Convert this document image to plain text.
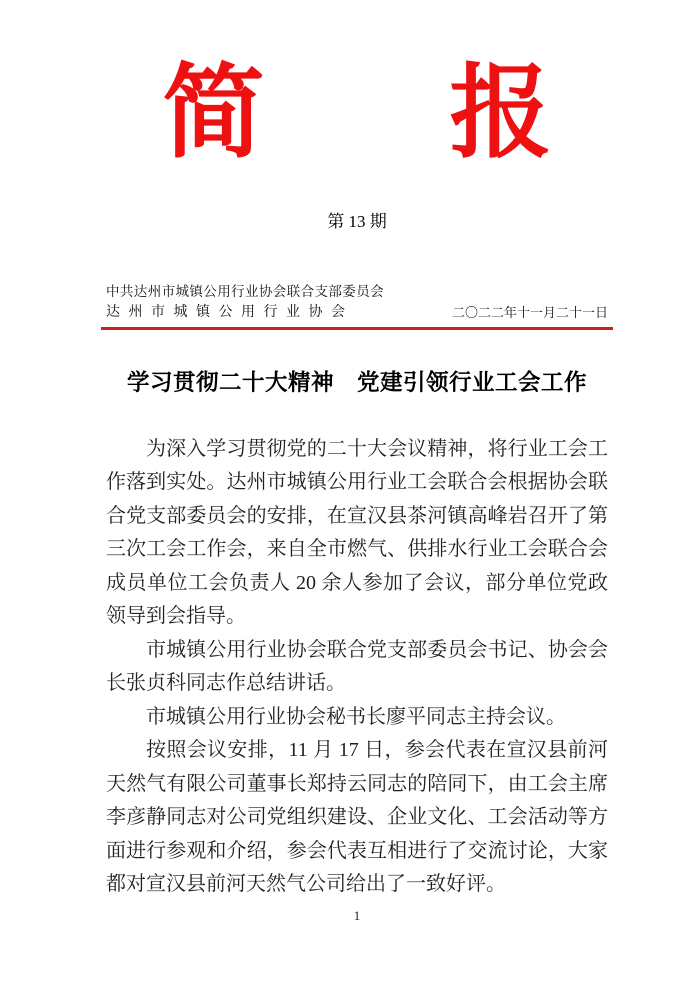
简 报
第 13 期
中共达州市城镇公用行业协会联合支部委员会
达州市城镇公用行业协会	二〇二二年十一月二十一日
学习贯彻二十大精神　党建引领行业工会工作

为深入学习贯彻党的二十大会议精神，将行业工会工作落到实处。达州市城镇公用行业工会联合会根据协会联合党支部委员会的安排，在宣汉县茶河镇高峰岩召开了第三次工会工作会，来自全市燃气、供排水行业工会联合会成员单位工会负责人 20 余人参加了会议，部分单位党政领导到会指导。

市城镇公用行业协会联合党支部委员会书记、协会会长张贞科同志作总结讲话。

市城镇公用行业协会秘书长廖平同志主持会议。

按照会议安排，11 月 17 日，参会代表在宣汉县前河天然气有限公司董事长郑持云同志的陪同下，由工会主席李彦静同志对公司党组织建设、企业文化、工会活动等方面进行参观和介绍，参会代表互相进行了交流讨论，大家都对宣汉县前河天然气公司给出了一致好评。

1
